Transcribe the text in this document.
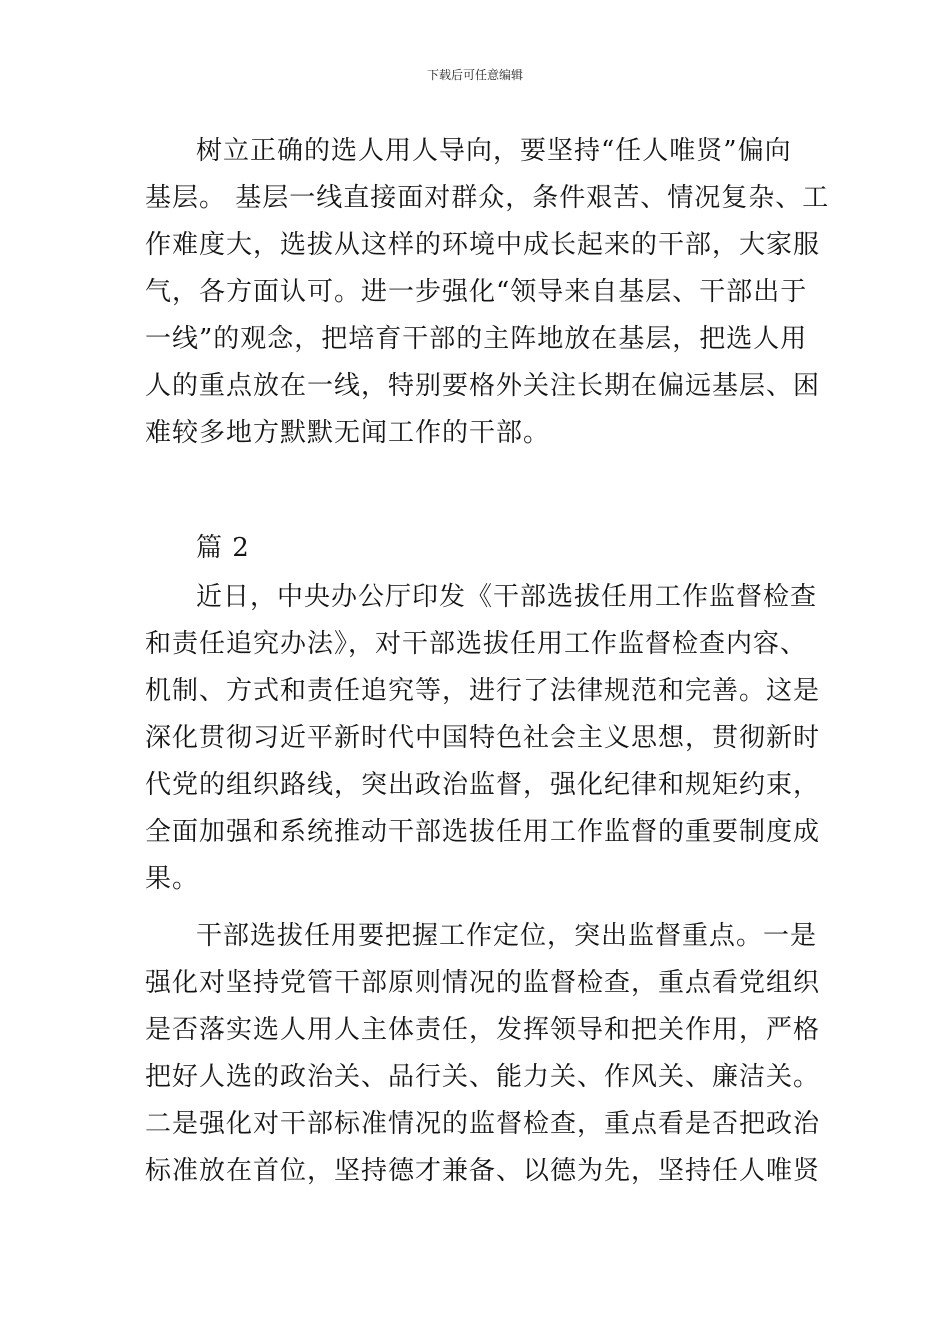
下载后可任意编辑
树立正确的选人用人导向，要坚持“任人唯贤”偏向
基层。 基层一线直接面对群众，条件艰苦、情况复杂、工
作难度大，选拔从这样的环境中成长起来的干部，大家服
气，各方面认可。进一步强化“领导来自基层、干部出于
一线”的观念，把培育干部的主阵地放在基层，把选人用
人的重点放在一线，特别要格外关注长期在偏远基层、困
难较多地方默默无闻工作的干部。
篇 2
近日，中央办公厅印发《干部选拔任用工作监督检查
和责任追究办法》，对干部选拔任用工作监督检查内容、
机制、方式和责任追究等，进行了法律规范和完善。这是
深化贯彻习近平新时代中国特色社会主义思想，贯彻新时
代党的组织路线，突出政治监督，强化纪律和规矩约束，
全面加强和系统推动干部选拔任用工作监督的重要制度成
果。
干部选拔任用要把握工作定位，突出监督重点。一是
强化对坚持党管干部原则情况的监督检查，重点看党组织
是否落实选人用人主体责任，发挥领导和把关作用，严格
把好人选的政治关、品行关、能力关、作风关、廉洁关。
二是强化对干部标准情况的监督检查，重点看是否把政治
标准放在首位，坚持德才兼备、以德为先，坚持任人唯贤
